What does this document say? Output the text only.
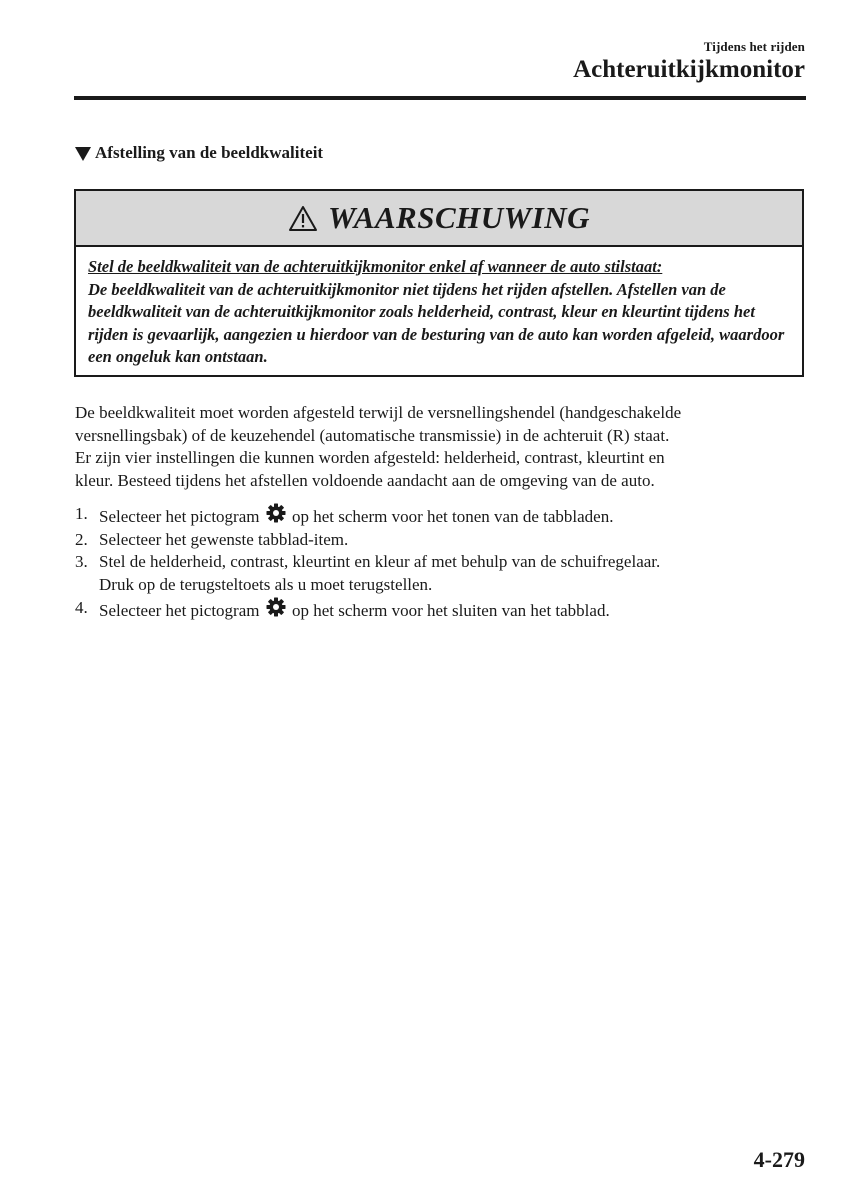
Tijdens het rijden
Achteruitkijkmonitor
Afstelling van de beeldkwaliteit
WAARSCHUWING
Stel de beeldkwaliteit van de achteruitkijkmonitor enkel af wanneer de auto stilstaat:
De beeldkwaliteit van de achteruitkijkmonitor niet tijdens het rijden afstellen. Afstellen van de beeldkwaliteit van de achteruitkijkmonitor zoals helderheid, contrast, kleur en kleurtint tijdens het rijden is gevaarlijk, aangezien u hierdoor van de besturing van de auto kan worden afgeleid, waardoor een ongeluk kan ontstaan.

De beeldkwaliteit moet worden afgesteld terwijl de versnellingshendel (handgeschakelde

versnellingsbak) of de keuzehendel (automatische transmissie) in de achteruit (R) staat.

Er zijn vier instellingen die kunnen worden afgesteld: helderheid, contrast, kleurtint en

kleur. Besteed tijdens het afstellen voldoende aandacht aan de omgeving van de auto.

1. Selecteer het pictogram op het scherm voor het tonen van de tabbladen.
2. Selecteer het gewenste tabblad-item.
3. Stel de helderheid, contrast, kleurtint en kleur af met behulp van de schuifregelaar.
Druk op de terugsteltoets als u moet terugstellen.
4. Selecteer het pictogram op het scherm voor het sluiten van het tabblad.
4-279
